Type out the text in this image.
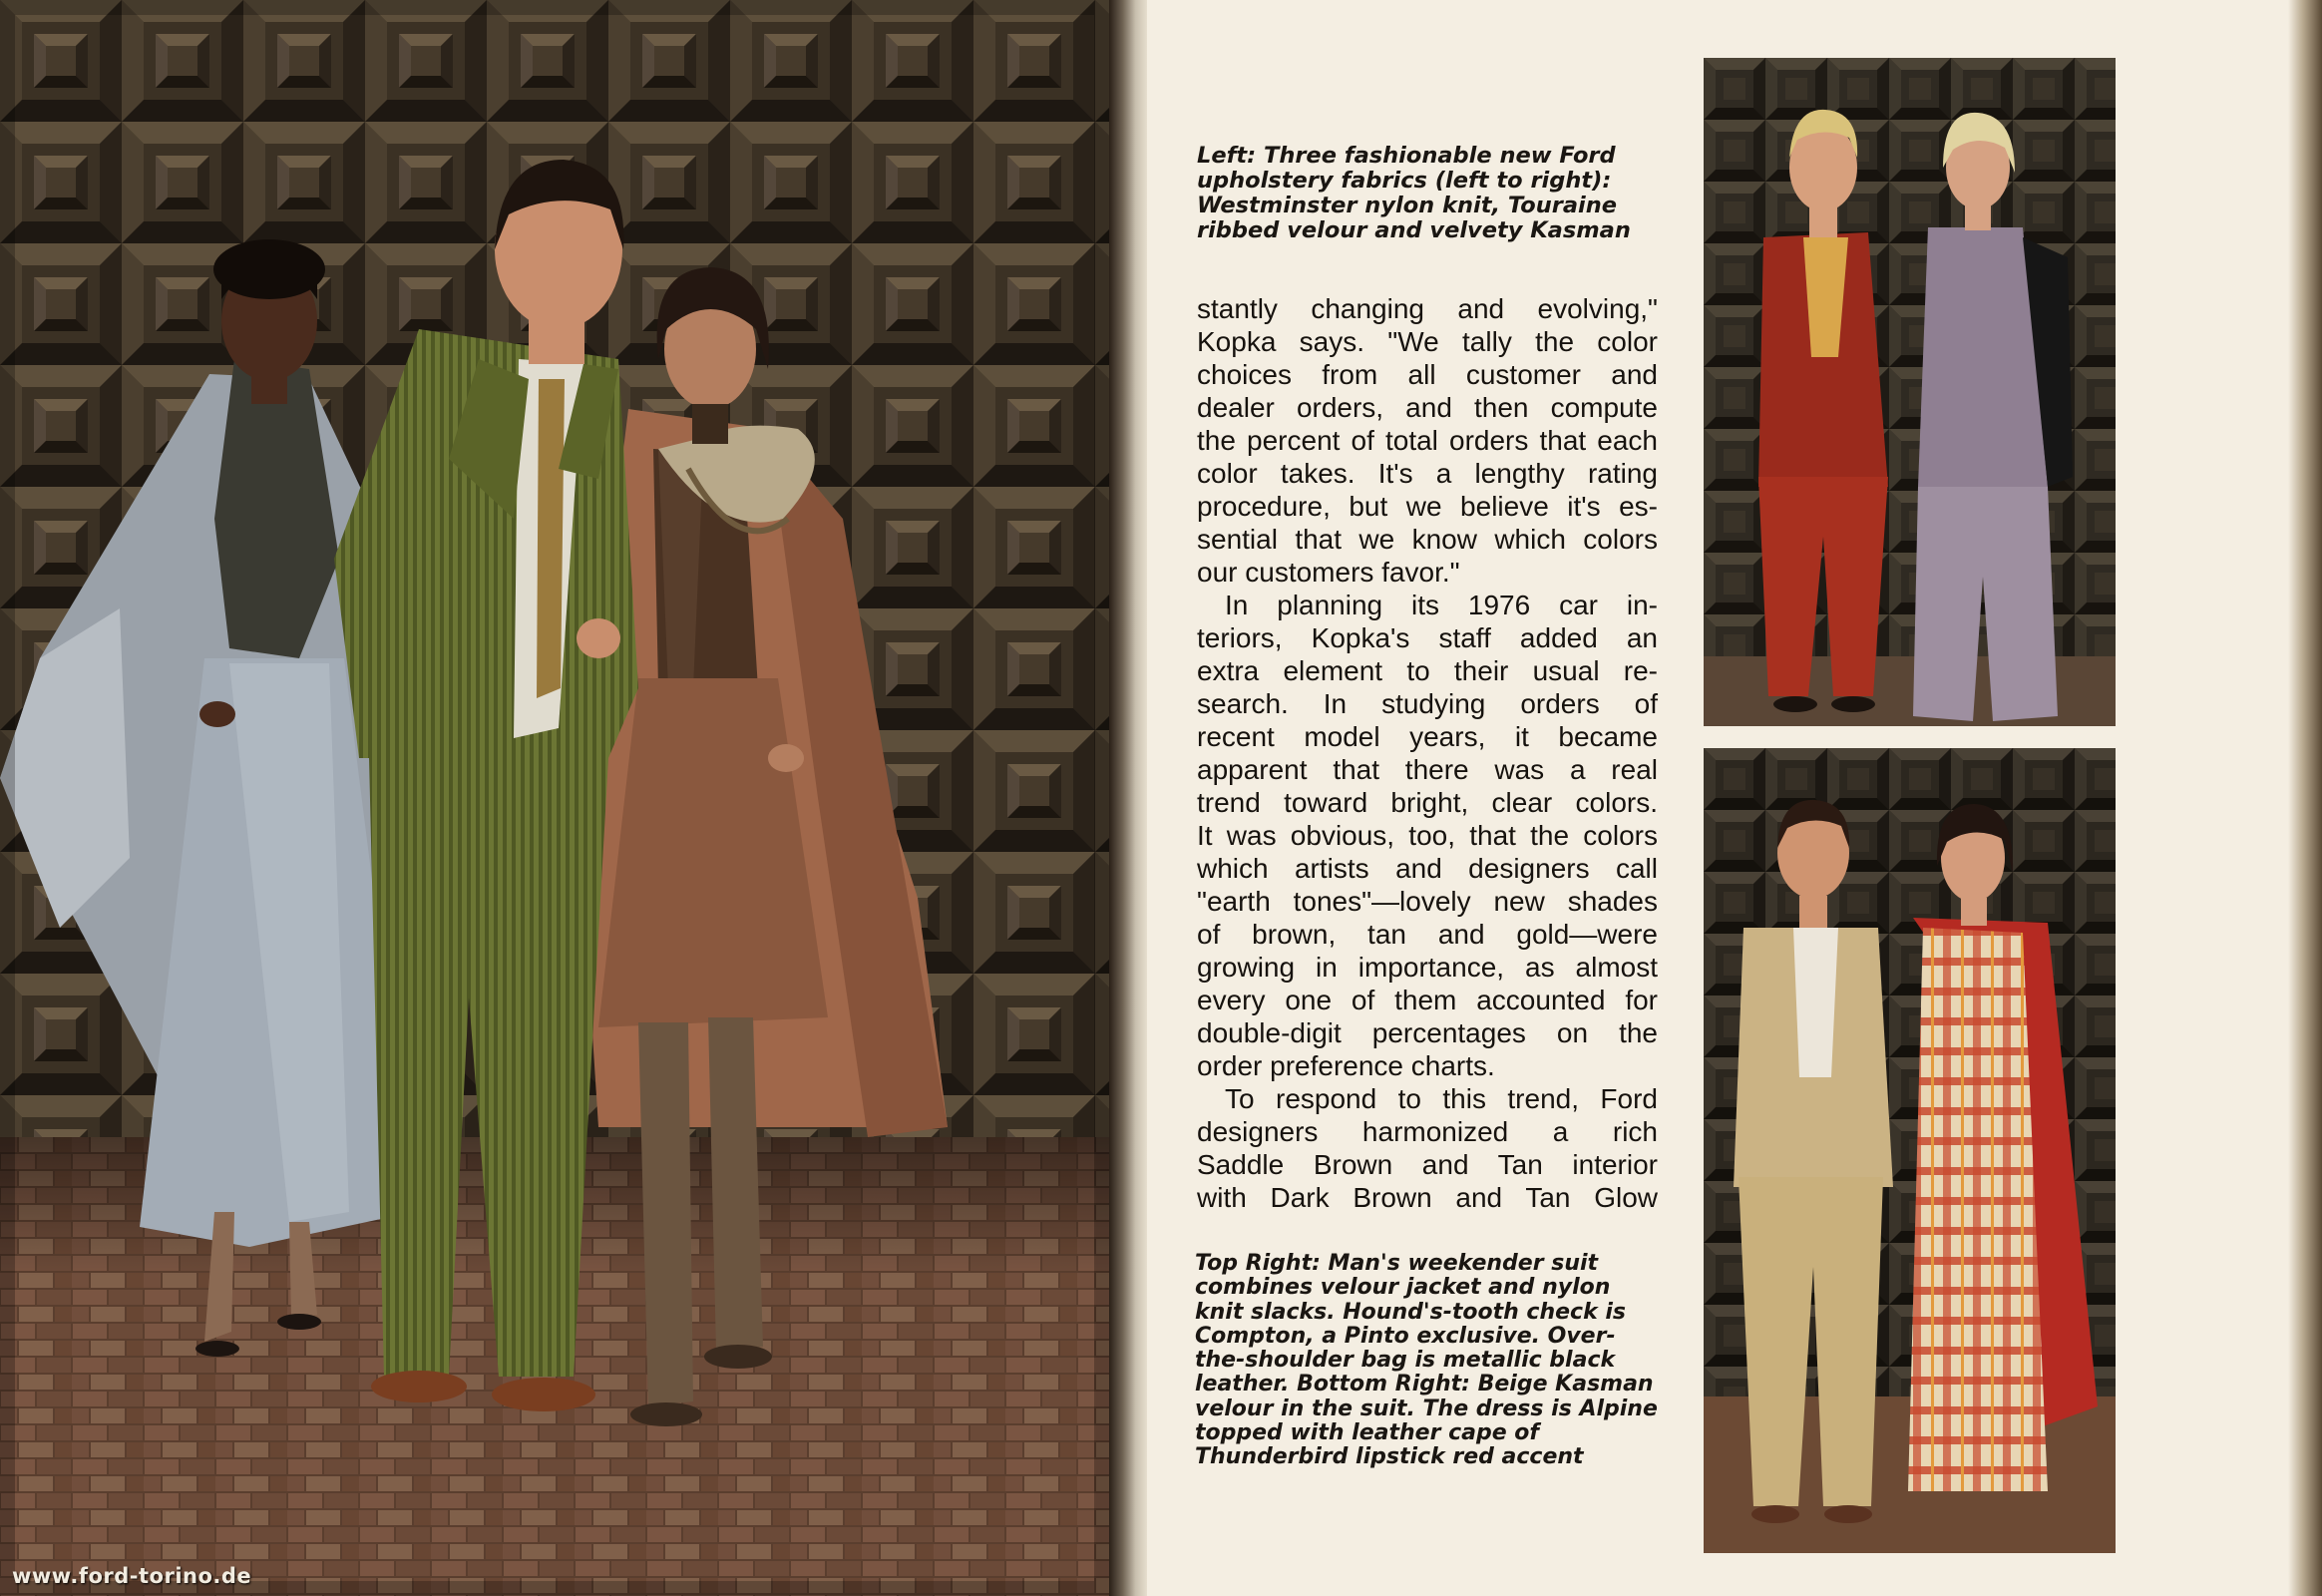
www.ford-torino.de
Left: Three fashionable new Ford
upholstery fabrics (left to right):
Westminster nylon knit, Touraine
ribbed velour and velvety Kasman

stantly changing and evolving,"

Kopka says. "We tally the color

choices from all customer and

dealer orders, and then compute

the percent of total orders that each

color takes. It's a lengthy rating

procedure, but we believe it's es-

sential that we know which colors

our customers favor."

In planning its 1976 car in-

teriors, Kopka's staff added an

extra element to their usual re-

search. In studying orders of

recent model years, it became

apparent that there was a real

trend toward bright, clear colors.

It was obvious, too, that the colors

which artists and designers call

"earth tones"—lovely new shades

of brown, tan and gold—were

growing in importance, as almost

every one of them accounted for

double-digit percentages on the

order preference charts.

To respond to this trend, Ford

designers harmonized a rich

Saddle Brown and Tan interior

with Dark Brown and Tan Glow

Top Right: Man's weekender suit
combines velour jacket and nylon
knit slacks. Hound's-tooth check is
Compton, a Pinto exclusive. Over-
the-shoulder bag is metallic black
leather. Bottom Right: Beige Kasman
velour in the suit. The dress is Alpine
topped with leather cape of
Thunderbird lipstick red accent
